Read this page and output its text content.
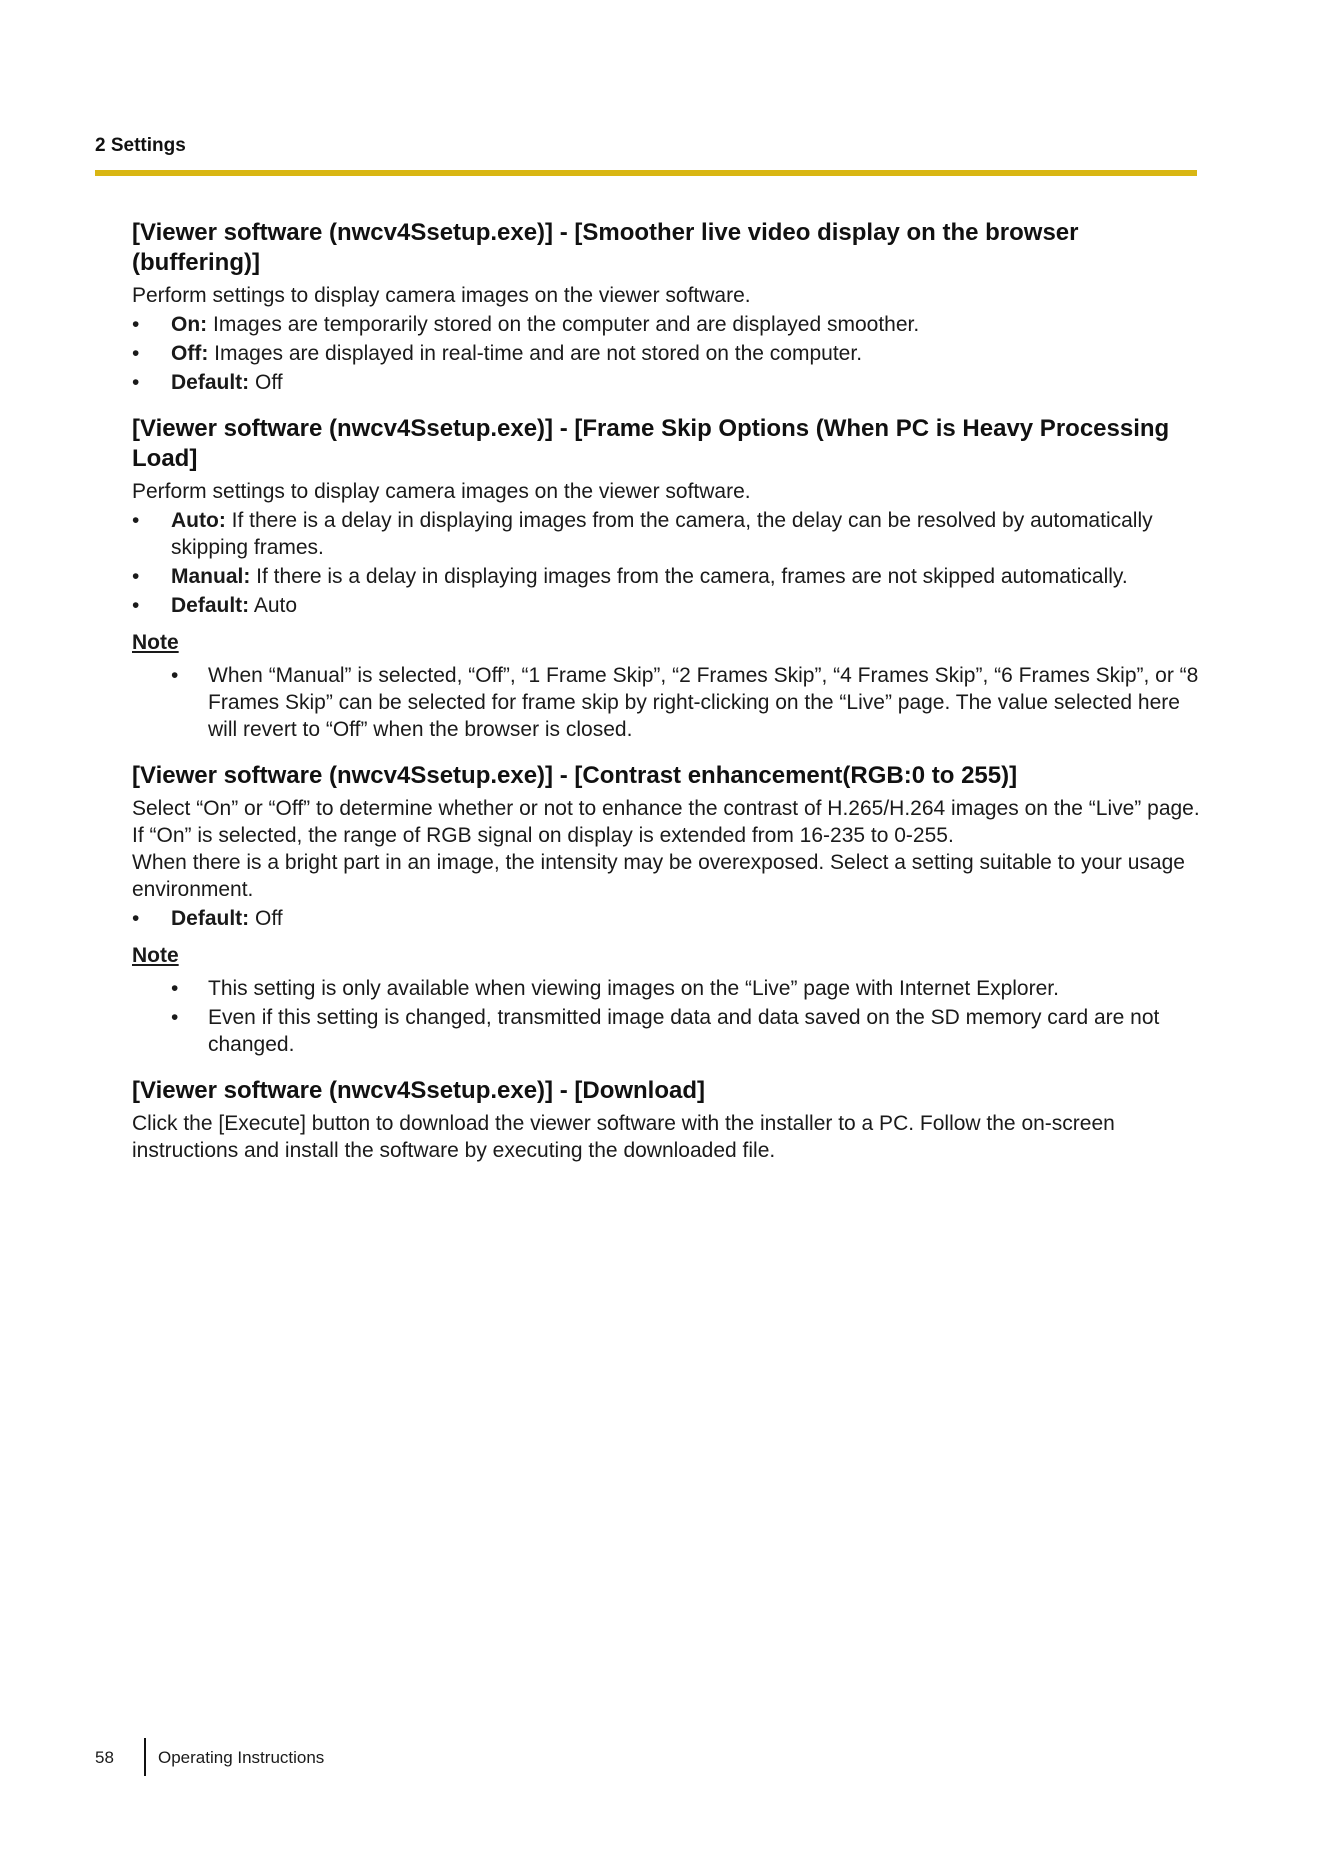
2 Settings
[Viewer software (nwcv4Ssetup.exe)] - [Smoother live video display on the browser (buffering)]

Perform settings to display camera images on the viewer software.

• On: Images are temporarily stored on the computer and are displayed smoother.
• Off: Images are displayed in real-time and are not stored on the computer.
• Default: Off
[Viewer software (nwcv4Ssetup.exe)] - [Frame Skip Options (When PC is Heavy Processing Load]

Perform settings to display camera images on the viewer software.

• Auto: If there is a delay in displaying images from the camera, the delay can be resolved by automatically skipping frames.
• Manual: If there is a delay in displaying images from the camera, frames are not skipped automatically.
• Default: Auto
Note
• When “Manual” is selected, “Off”, “1 Frame Skip”, “2 Frames Skip”, “4 Frames Skip”, “6 Frames Skip”, or “8 Frames Skip” can be selected for frame skip by right-clicking on the “Live” page. The value selected here will revert to “Off” when the browser is closed.
[Viewer software (nwcv4Ssetup.exe)] - [Contrast enhancement(RGB:0 to 255)]

Select “On” or “Off” to determine whether or not to enhance the contrast of H.265/H.264 images on the “Live” page.

If “On” is selected, the range of RGB signal on display is extended from 16-235 to 0-255.

When there is a bright part in an image, the intensity may be overexposed. Select a setting suitable to your usage environment.

• Default: Off
Note
• This setting is only available when viewing images on the “Live” page with Internet Explorer.
• Even if this setting is changed, transmitted image data and data saved on the SD memory card are not changed.
[Viewer software (nwcv4Ssetup.exe)] - [Download]

Click the [Execute] button to download the viewer software with the installer to a PC. Follow the on-screen instructions and install the software by executing the downloaded file.

58	Operating Instructions
